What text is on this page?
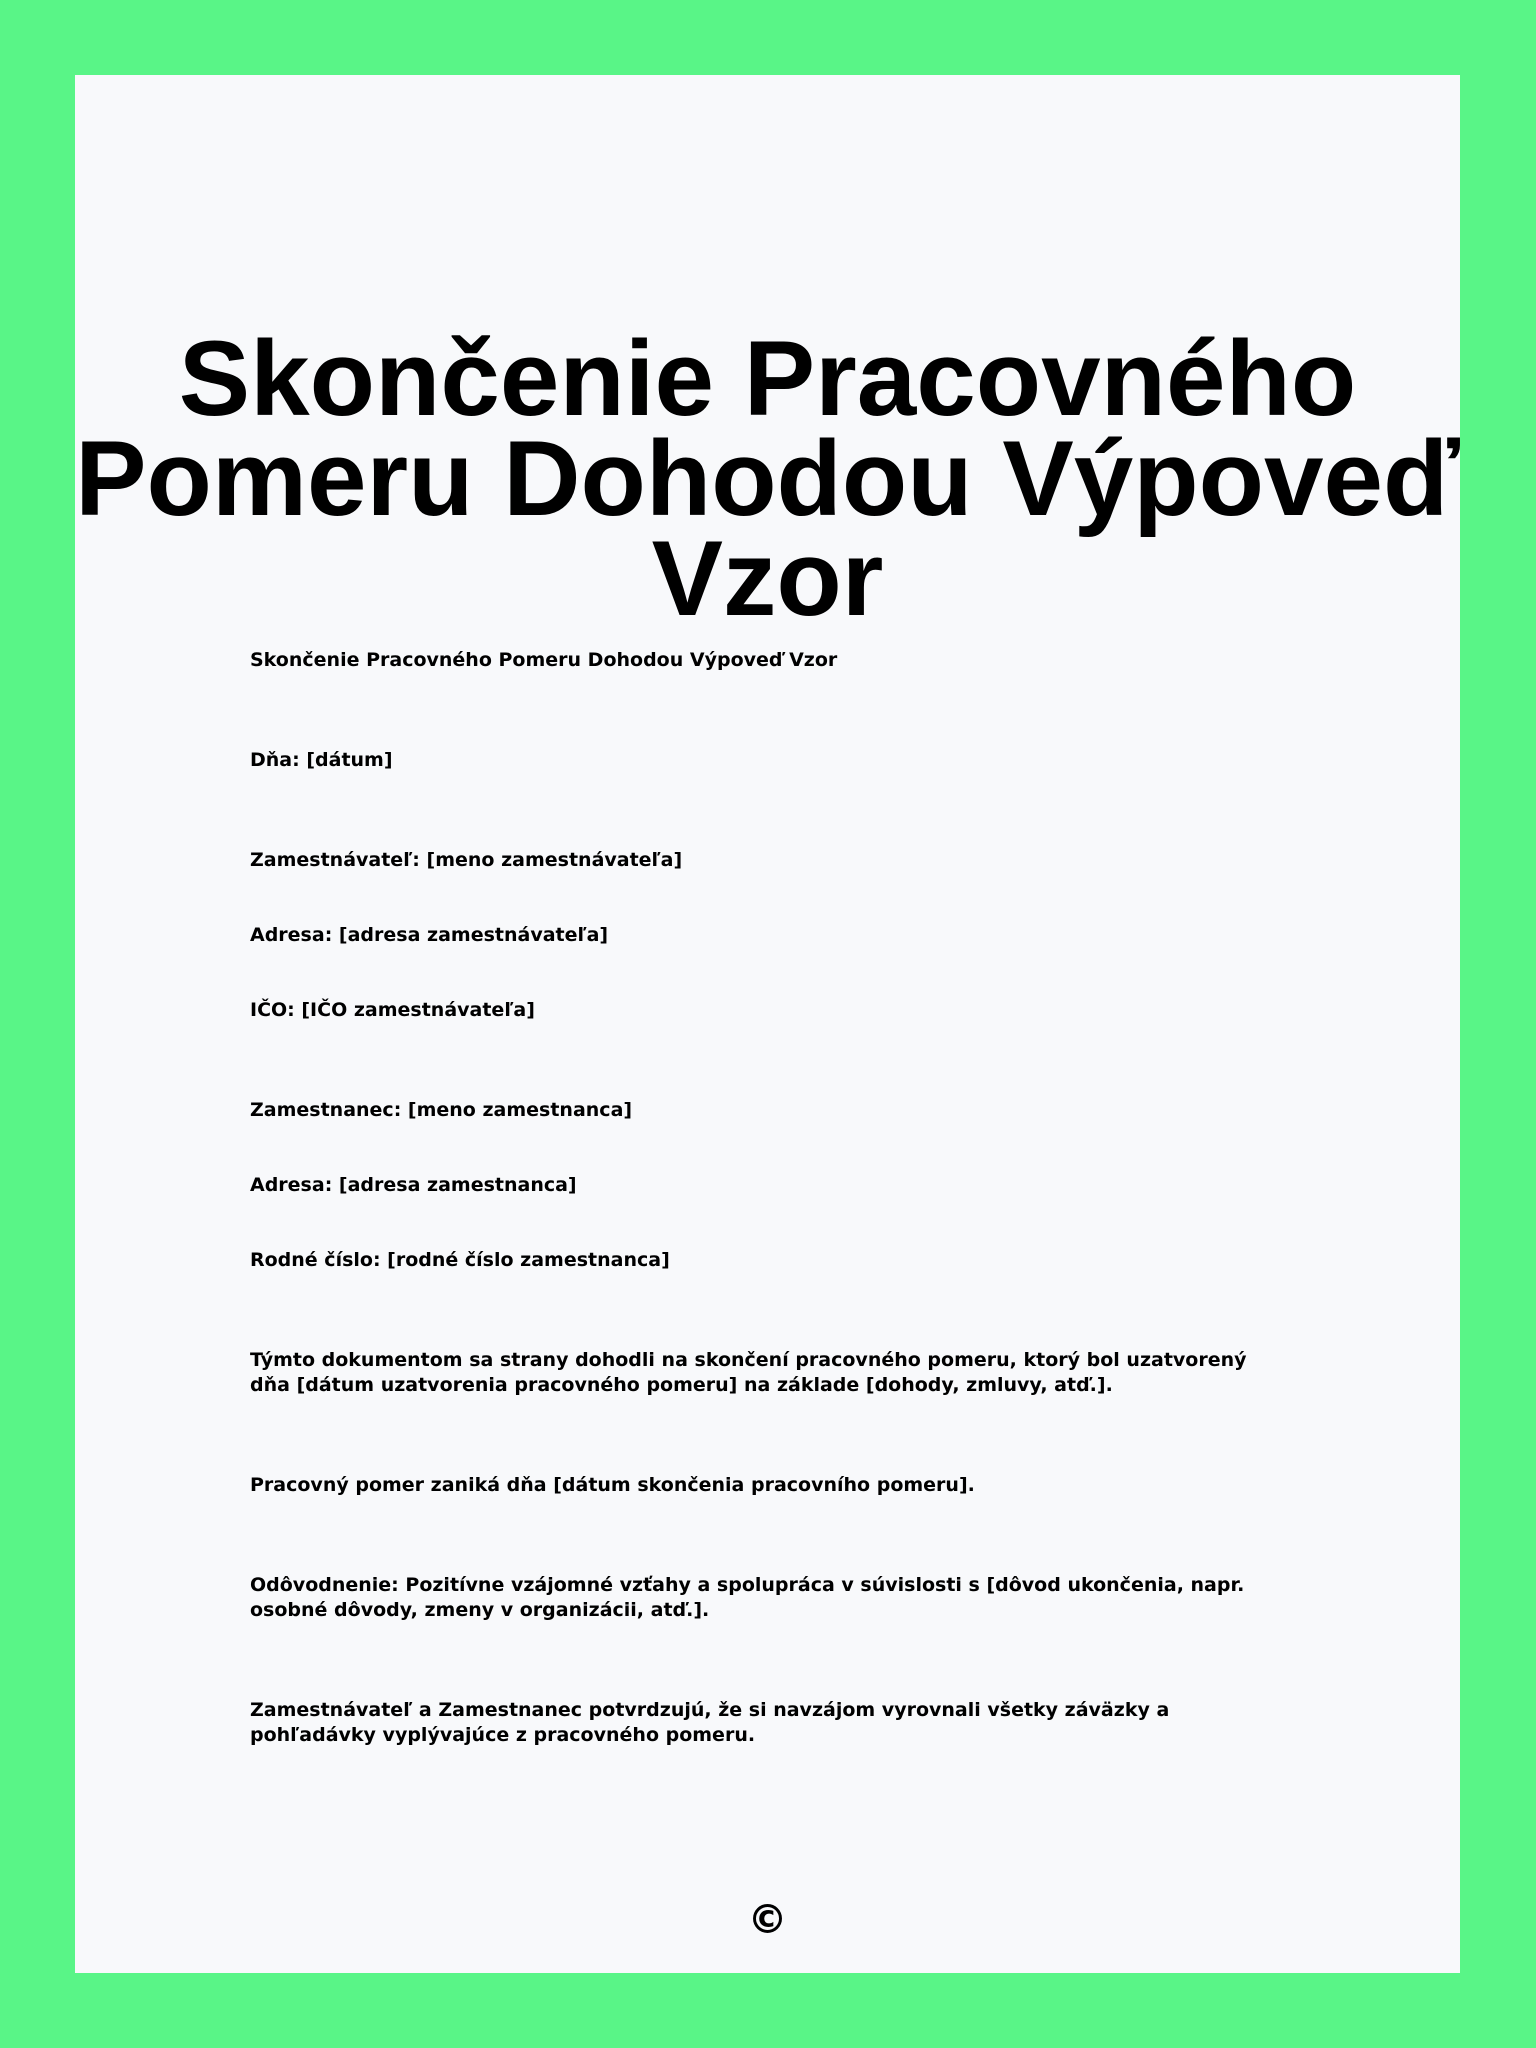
Skončenie Pracovného Pomeru Dohodou Výpoveď Vzor

Skončenie Pracovného Pomeru Dohodou Výpoveď Vzor

Dňa: [dátum]

Zamestnávateľ: [meno zamestnávateľa]

Adresa: [adresa zamestnávateľa]

IČO: [IČO zamestnávateľa]

Zamestnanec: [meno zamestnanca]

Adresa: [adresa zamestnanca]

Rodné číslo: [rodné číslo zamestnanca]

Týmto dokumentom sa strany dohodli na skončení pracovného pomeru, ktorý bol uzatvorený dňa [dátum uzatvorenia pracovného pomeru] na základe [dohody, zmluvy, atď.].

Pracovný pomer zaniká dňa [dátum skončenia pracovního pomeru].

Odôvodnenie: Pozitívne vzájomné vzťahy a spolupráca v súvislosti s [dôvod ukončenia, napr. osobné dôvody, zmeny v organizácii, atď.].

Zamestnávateľ a Zamestnanec potvrdzujú, že si navzájom vyrovnali všetky záväzky a pohľadávky vyplývajúce z pracovného pomeru.

©
